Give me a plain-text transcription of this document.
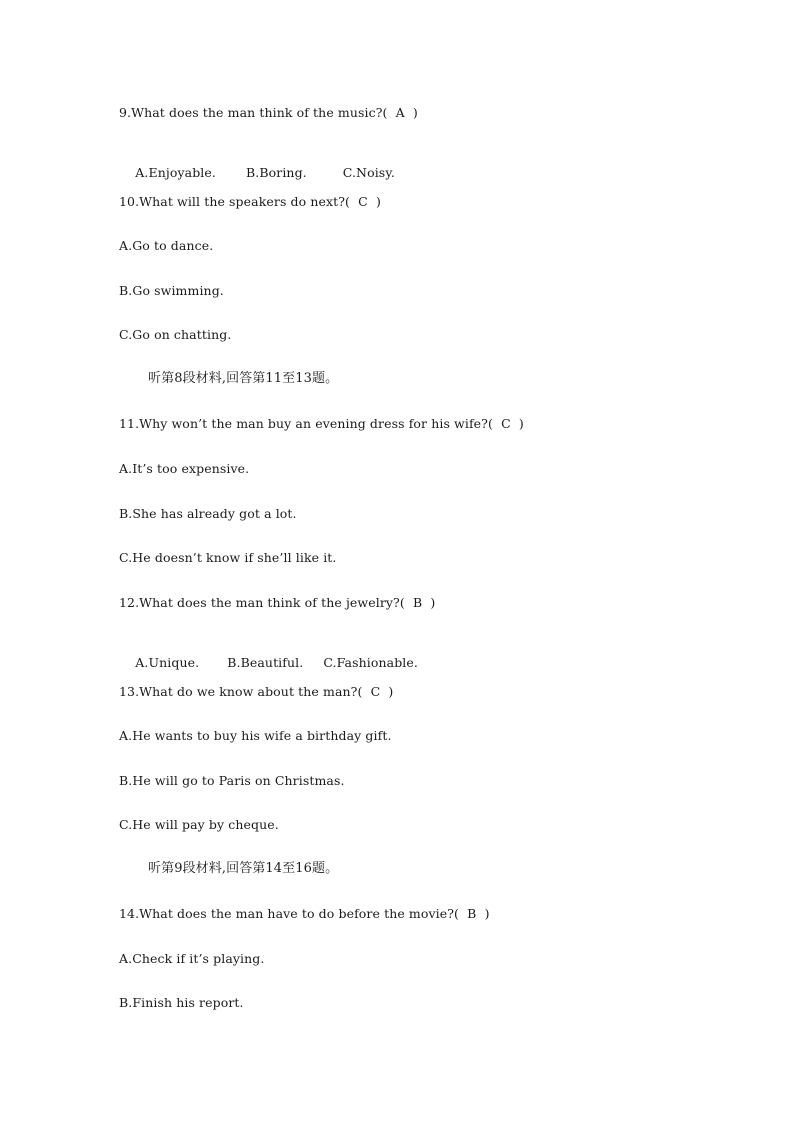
9.What does the man think of the music?(  A  )

A.Enjoyable. B.Boring.	C.Noisy.

10.What will the speakers do next?(  C  )
A.Go to dance.
B.Go swimming.
C.Go on chatting.
听第8段材料,回答第11至13题。
11.Why won’t the man buy an evening dress for his wife?(  C  )
A.It’s too expensive.
B.She has already got a lot.
C.He doesn’t know if she’ll like it.
12.What does the man think of the jewelry?(  B  )

A.Unique. B.Beautiful. C.Fashionable.

13.What do we know about the man?(  C  )
A.He wants to buy his wife a birthday gift.
B.He will go to Paris on Christmas.
C.He will pay by cheque.
听第9段材料,回答第14至16题。
14.What does the man have to do before the movie?(  B  )
A.Check if it’s playing.
B.Finish his report.
